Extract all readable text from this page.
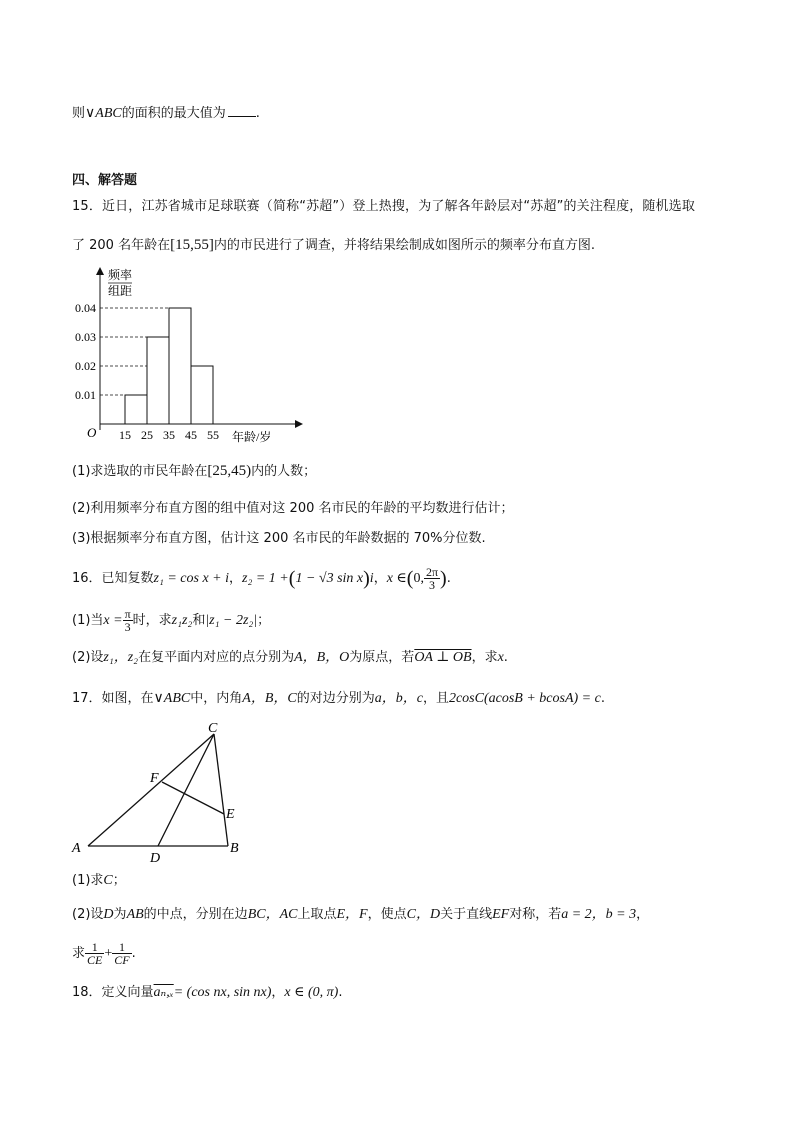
则∨ABC的面积的最大值为 .
四、解答题
15．近日，江苏省城市足球联赛（简称“苏超”）登上热搜，为了解各年龄层对“苏超”的关注程度，随机选取
了 200 名年龄在[15,55]内的市民进行了调查，并将结果绘制成如图所示的频率分布直方图.
频率
组距
O	年龄/岁
0.01
0.02
0.03
0.04
15 25 35 45 55
(1)求选取的市民年龄在[25,45)内的人数；
(2)利用频率分布直方图的组中值对这 200 名市民的年龄的平均数进行估计；
(3)根据频率分布直方图，估计这 200 名市民的年龄数据的 70%分位数.
16．已知复数z₁ = cos x + i，z₂ = 1 +(1 − √3 sin x)i，x ∈(0, $\frac{2\pi}{3}$ ).
(1)当$x = \frac{\pi}{3}$ 时，求z₁z₂和|z₁ − 2z₂|；
(2)设z₁，z₂在复平面内对应的点分别为A，B，O为原点，若OA ⊥ OB，求x.
17．如图，在∨ABC中，内角A，B，C的对边分别为a，b，c，且2cosC(acosB + bcosA) = c.
A	B
C
D
E
F
(1)求C；
(2)设D为AB的中点，分别在边BC，AC上取点E，F，使点C，D关于直线EF对称，若a = 2，b = 3，
求 $\frac{1}{CE} + \frac{1}{CF}$ .
18．定义向量aₙ,ₓ= (cos nx, sin nx)，x ∈ (0, π).
